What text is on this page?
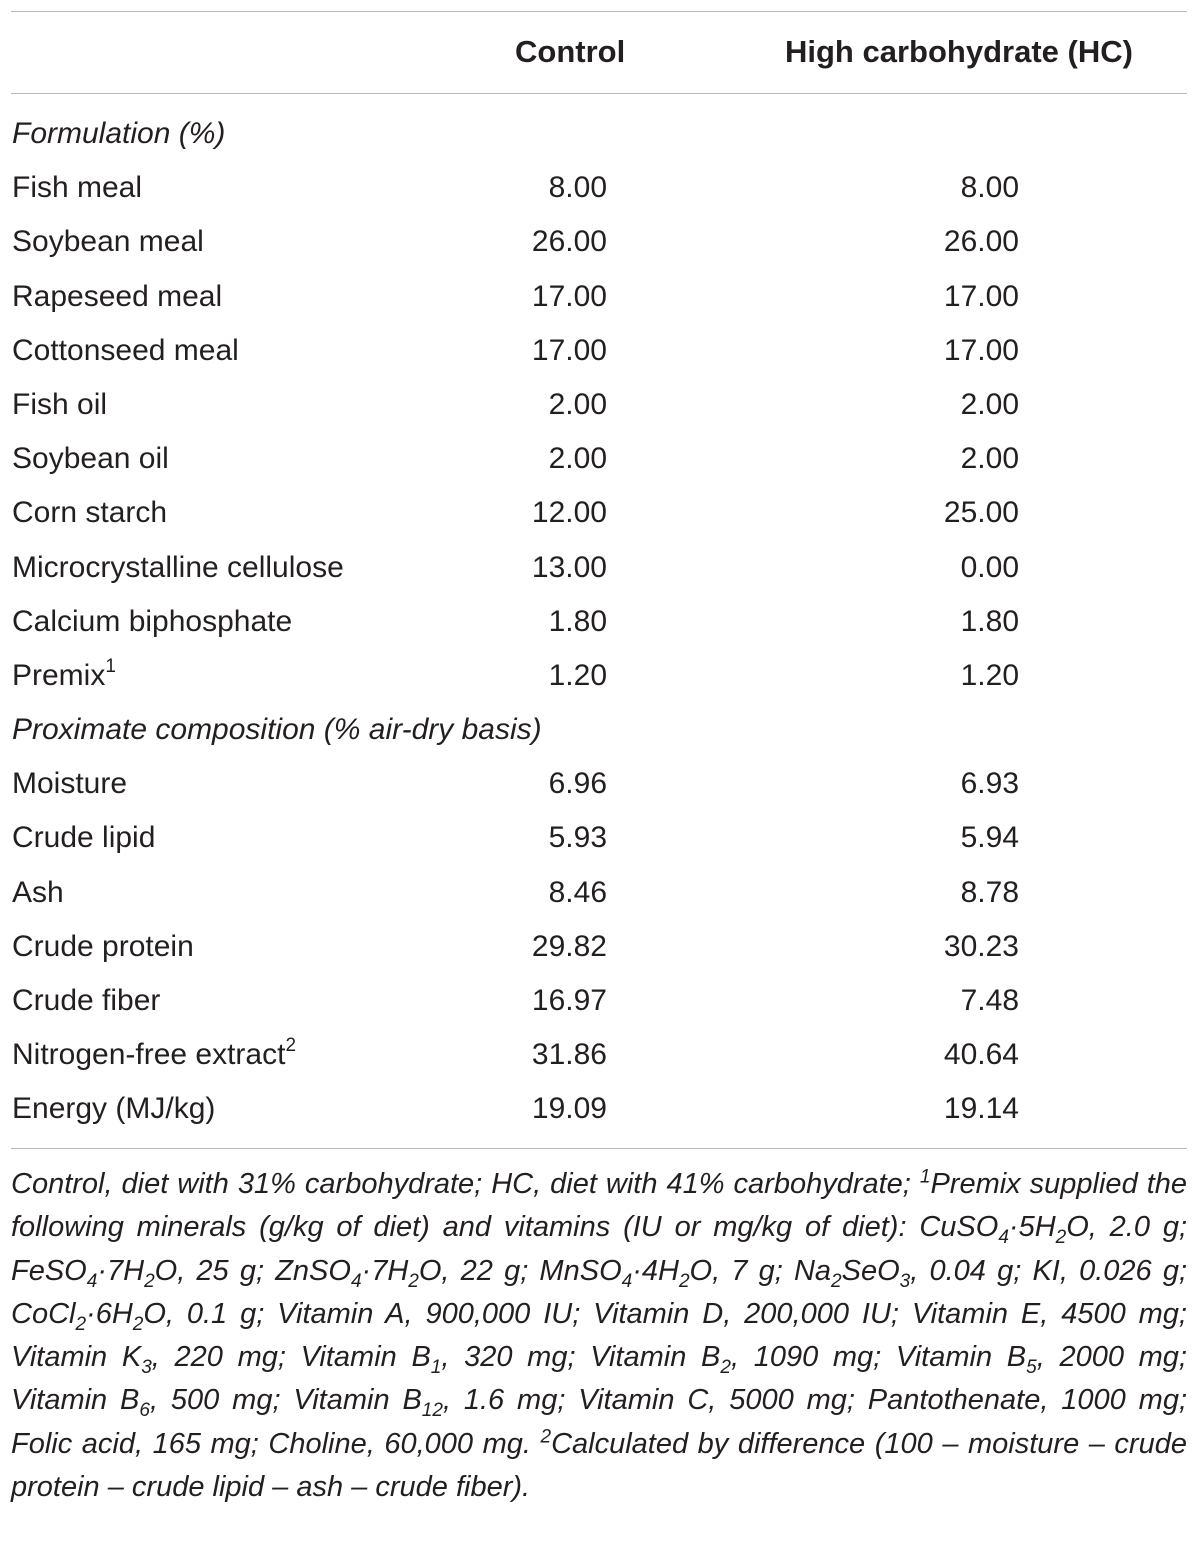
Control	High carbohydrate (HC)
Formulation (%)
Fish meal	8.00	8.00
Soybean meal	26.00	26.00
Rapeseed meal	17.00	17.00
Cottonseed meal	17.00	17.00
Fish oil	2.00	2.00
Soybean oil	2.00	2.00
Corn starch	12.00	25.00
Microcrystalline cellulose	13.00	0.00
Calcium biphosphate	1.80	1.80
Premix$^1$	1.20	1.20
Proximate composition (% air-dry basis)
Moisture	6.96	6.93
Crude lipid	5.93	5.94
Ash	8.46	8.78
Crude protein	29.82	30.23
Crude fiber	16.97	7.48
Nitrogen-free extract$^2$	31.86	40.64
Energy (MJ/kg)	19.09	19.14
Control, diet with 31% carbohydrate; HC, diet with 41% carbohydrate; $^1$Premix supplied the following minerals (g/kg of diet) and vitamins (IU or mg/kg of diet): $CuSO_4\cdot 5H_2O$, 2.0 g; $FeSO_4\cdot 7H_2O$, 25 g; $ZnSO_4\cdot 7H_2O$, 22 g; $MnSO_4\cdot 4H_2O$, 7 g; $Na_2SeO_3$, 0.04 g; KI, 0.026 g; $CoCl_2\cdot 6H_2O$, 0.1 g; Vitamin A, 900,000 IU; Vitamin D, 200,000 IU; Vitamin E, 4500 mg; Vitamin $K_3$, 220 mg; Vitamin $B_1$, 320 mg; Vitamin $B_2$, 1090 mg; Vitamin $B_5$, 2000 mg; Vitamin $B_6$, 500 mg; Vitamin $B_{12}$, 1.6 mg; Vitamin C, 5000 mg; Pantothenate, 1000 mg; Folic acid, 165 mg; Choline, 60,000 mg. $^2$Calculated by difference (100 – moisture – crude protein – crude lipid – ash – crude fiber).
